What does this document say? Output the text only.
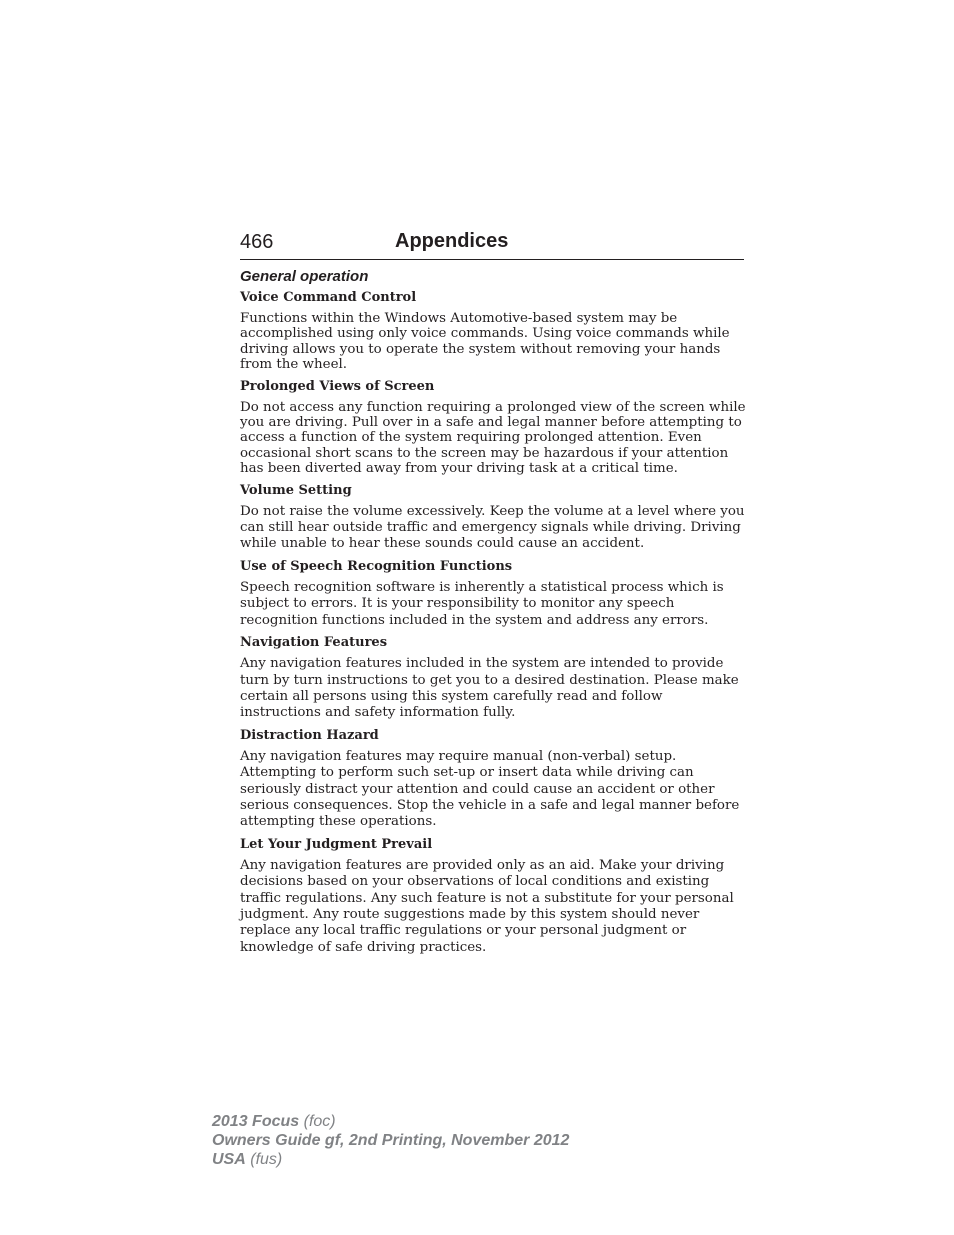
466	Appendices
General operation
Voice Command Control
Functions within the Windows Automotive-based system may be accomplished using only voice commands. Using voice commands while driving allows you to operate the system without removing your hands from the wheel.
Prolonged Views of Screen
Do not access any function requiring a prolonged view of the screen while you are driving. Pull over in a safe and legal manner before attempting to access a function of the system requiring prolonged attention. Even occasional short scans to the screen may be hazardous if your attention has been diverted away from your driving task at a critical time.
Volume Setting
Do not raise the volume excessively. Keep the volume at a level where you can still hear outside traffic and emergency signals while driving. Driving while unable to hear these sounds could cause an accident.
Use of Speech Recognition Functions
Speech recognition software is inherently a statistical process which is subject to errors. It is your responsibility to monitor any speech recognition functions included in the system and address any errors.
Navigation Features
Any navigation features included in the system are intended to provide turn by turn instructions to get you to a desired destination. Please make certain all persons using this system carefully read and follow instructions and safety information fully.
Distraction Hazard
Any navigation features may require manual (non-verbal) setup. Attempting to perform such set-up or insert data while driving can seriously distract your attention and could cause an accident or other serious consequences. Stop the vehicle in a safe and legal manner before attempting these operations.
Let Your Judgment Prevail
Any navigation features are provided only as an aid. Make your driving decisions based on your observations of local conditions and existing traffic regulations. Any such feature is not a substitute for your personal judgment. Any route suggestions made by this system should never replace any local traffic regulations or your personal judgment or knowledge of safe driving practices.
2013 Focus (foc)
Owners Guide gf, 2nd Printing, November 2012
USA (fus)
